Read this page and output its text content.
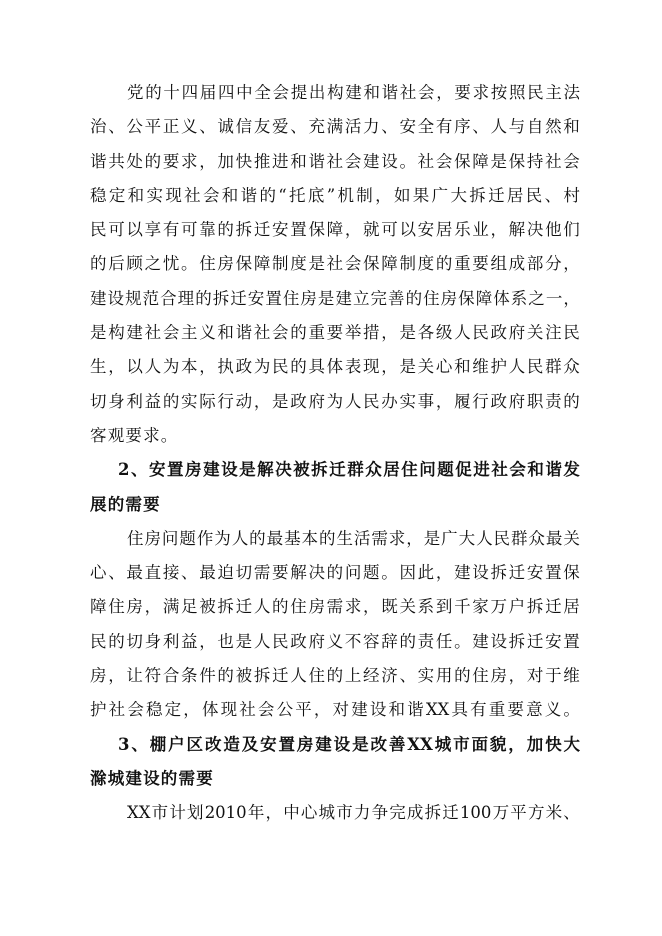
党 的 十 四 届 四 中 全 会 提 出 构 建 和 谐 社 会 ， 要 求 按 照 民 主 法
治 、 公 平 正 义 、 诚 信 友 爱 、 充 满 活 力 、 安 全 有 序 、 人 与 自 然 和
谐 共 处 的 要 求 ， 加 快 推 进 和 谐 社 会 建 设 。 社 会 保 障 是 保 持 社 会
稳 定 和 实 现 社 会 和 谐 的 “ 托 底 ” 机 制 ， 如 果 广 大 拆 迁 居 民 、 村
民 可 以 享 有 可 靠 的 拆 迁 安 置 保 障 ， 就 可 以 安 居 乐 业 ， 解 决 他 们
的 后 顾 之 忧 。 住 房 保 障 制 度 是 社 会 保 障 制 度 的 重 要 组 成 部 分 ，
建 设 规 范 合 理 的 拆 迁 安 置 住 房 是 建 立 完 善 的 住 房 保 障 体 系 之 一 ，
是 构 建 社 会 主 义 和 谐 社 会 的 重 要 举 措 ， 是 各 级 人 民 政 府 关 注 民
生 ， 以 人 为 本 ， 执 政 为 民 的 具 体 表 现 ， 是 关 心 和 维 护 人 民 群 众
切 身 利 益 的 实 际 行 动 ， 是 政 府 为 人 民 办 实 事 ， 履 行 政 府 职 责 的
客观要求。
2 、 安 置 房 建 设 是 解 决 被 拆 迁 群 众 居 住 问 题 促 进 社 会 和 谐 发
展的需要
住 房 问 题 作 为 人 的 最 基 本 的 生 活 需 求 ， 是 广 大 人 民 群 众 最 关
心 、 最 直 接 、 最 迫 切 需 要 解 决 的 问 题 。 因 此 ， 建 设 拆 迁 安 置 保
障 住 房 ， 满 足 被 拆 迁 人 的 住 房 需 求 ， 既 关 系 到 千 家 万 户 拆 迁 居
民 的 切 身 利 益 ， 也 是 人 民 政 府 义 不 容 辞 的 责 任 。 建 设 拆 迁 安 置
房 ， 让 符 合 条 件 的 被 拆 迁 人 住 的 上 经 济 、 实 用 的 住 房 ， 对 于 维
护 社 会 稳 定 ， 体 现 社 会 公 平 ， 对 建 设 和 谐 XX 具 有 重 要 意 义 。
3 、 棚 户 区 改 造 及 安 置 房 建 设 是 改 善 XX 城 市 面 貌 ， 加 快 大
滁城建设的需要
XX 市 计 划 2010 年 ， 中 心 城 市 力 争 完 成 拆 迁 100 万 平 方 米 、
